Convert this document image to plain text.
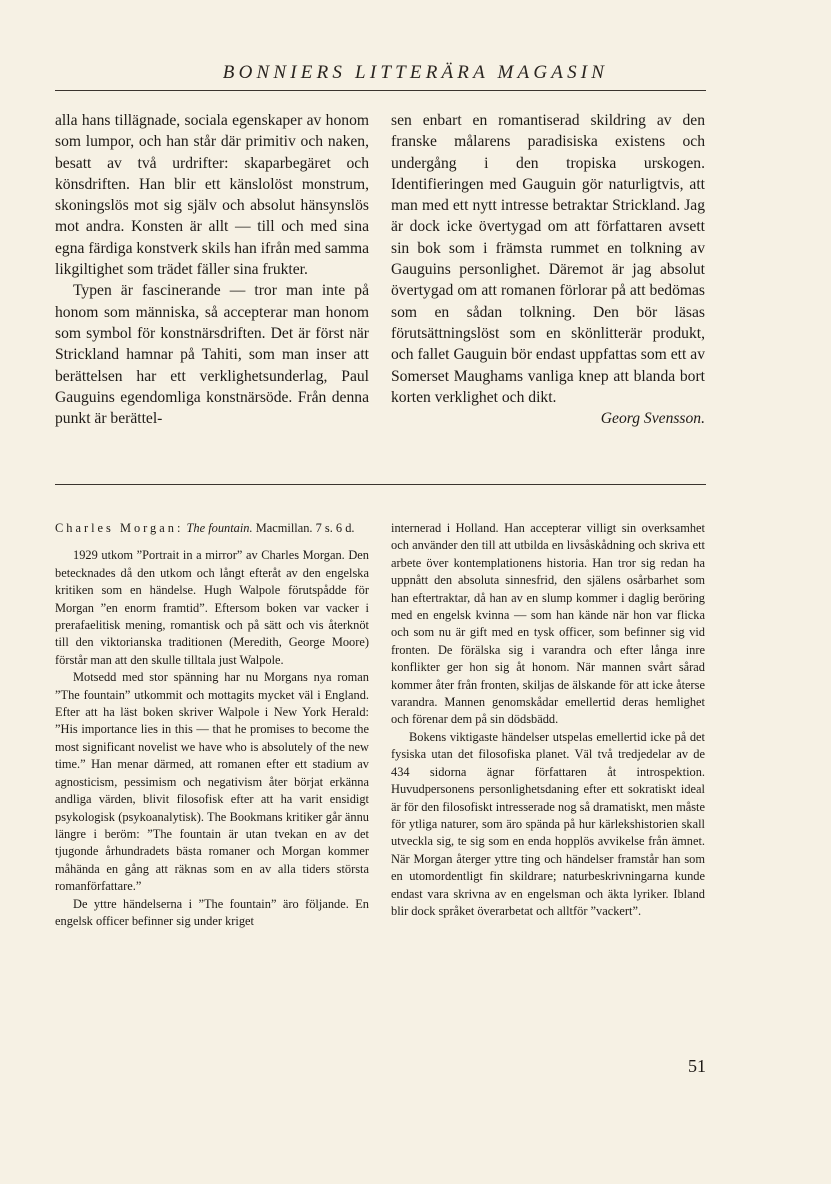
BONNIERS LITTERÄRA MAGASIN

alla hans tillägnade, sociala egenskaper av honom som lumpor, och han står där primitiv och naken, besatt av två urdrifter: skaparbegäret och könsdriften. Han blir ett känslolöst monstrum, skoningslös mot sig själv och absolut hänsynslös mot andra. Konsten är allt — till och med sina egna färdiga konstverk skils han ifrån med samma likgiltighet som trädet fäller sina frukter.

Typen är fascinerande — tror man inte på honom som människa, så accepterar man honom som symbol för konstnärsdriften. Det är först när Strickland hamnar på Tahiti, som man inser att berättelsen har ett verklighetsunderlag, Paul Gauguins egendomliga konstnärsöde. Från denna punkt är berättel-

sen enbart en romantiserad skildring av den franske målarens paradisiska existens och undergång i den tropiska urskogen. Identifieringen med Gauguin gör naturligtvis, att man med ett nytt intresse betraktar Strickland. Jag är dock icke övertygad om att författaren avsett sin bok som i främsta rummet en tolkning av Gauguins personlighet. Däremot är jag absolut övertygad om att romanen förlorar på att bedömas som en sådan tolkning. Den bör läsas förutsättningslöst som en skönlitterär produkt, och fallet Gauguin bör endast uppfattas som ett av Somerset Maughams vanliga knep att blanda bort korten verklighet och dikt.

Georg Svensson.

Charles Morgan: The fountain. Macmillan. 7 s. 6 d.

1929 utkom ”Portrait in a mirror” av Charles Morgan. Den betecknades då den utkom och långt efteråt av den engelska kritiken som en händelse. Hugh Walpole förutspådde för Morgan ”en enorm framtid”. Eftersom boken var vacker i prerafaelitisk mening, romantisk och på sätt och vis återknöt till den viktorianska traditionen (Meredith, George Moore) förstår man att den skulle tilltala just Walpole.

Motsedd med stor spänning har nu Morgans nya roman ”The fountain” utkommit och mottagits mycket väl i England. Efter att ha läst boken skriver Walpole i New York Herald: ”His importance lies in this — that he promises to become the most significant novelist we have who is absolutely of the new time.” Han menar därmed, att romanen efter ett stadium av agnosticism, pessimism och negativism åter börjat erkänna andliga värden, blivit filosofisk efter att ha varit ensidigt psykologisk (psykoanalytisk). The Bookmans kritiker går ännu längre i beröm: ”The fountain är utan tvekan en av det tjugonde århundradets bästa romaner och Morgan kommer måhända en gång att räknas som en av alla tiders största romanförfattare.”

De yttre händelserna i ”The fountain” äro följande. En engelsk officer befinner sig under kriget

internerad i Holland. Han accepterar villigt sin overksamhet och använder den till att utbilda en livsåskådning och skriva ett arbete över kontemplationens historia. Han tror sig redan ha uppnått den absoluta sinnesfrid, den själens osårbarhet som han eftertraktar, då han av en slump kommer i daglig beröring med en engelsk kvinna — som han kände när hon var flicka och som nu är gift med en tysk officer, som befinner sig vid fronten. De förälska sig i varandra och efter långa inre konflikter ger hon sig åt honom. När mannen svårt sårad kommer åter från fronten, skiljas de älskande för att icke återse varandra. Mannen genomskådar emellertid deras hemlighet och förenar dem på sin dödsbädd.

Bokens viktigaste händelser utspelas emellertid icke på det fysiska utan det filosofiska planet. Väl två tredjedelar av de 434 sidorna ägnar författaren åt introspektion. Huvudpersonens personlighetsdaning efter ett sokratiskt ideal är för den filosofiskt intresserade nog så dramatiskt, men måste för ytliga naturer, som äro spända på hur kärlekshistorien skall utveckla sig, te sig som en enda hopplös avvikelse från ämnet. När Morgan återger yttre ting och händelser framstår han som en utomordentligt fin skildrare; naturbeskrivningarna kunde endast vara skrivna av en engelsman och äkta lyriker. Ibland blir dock språket överarbetat och alltför ”vackert”.

51
